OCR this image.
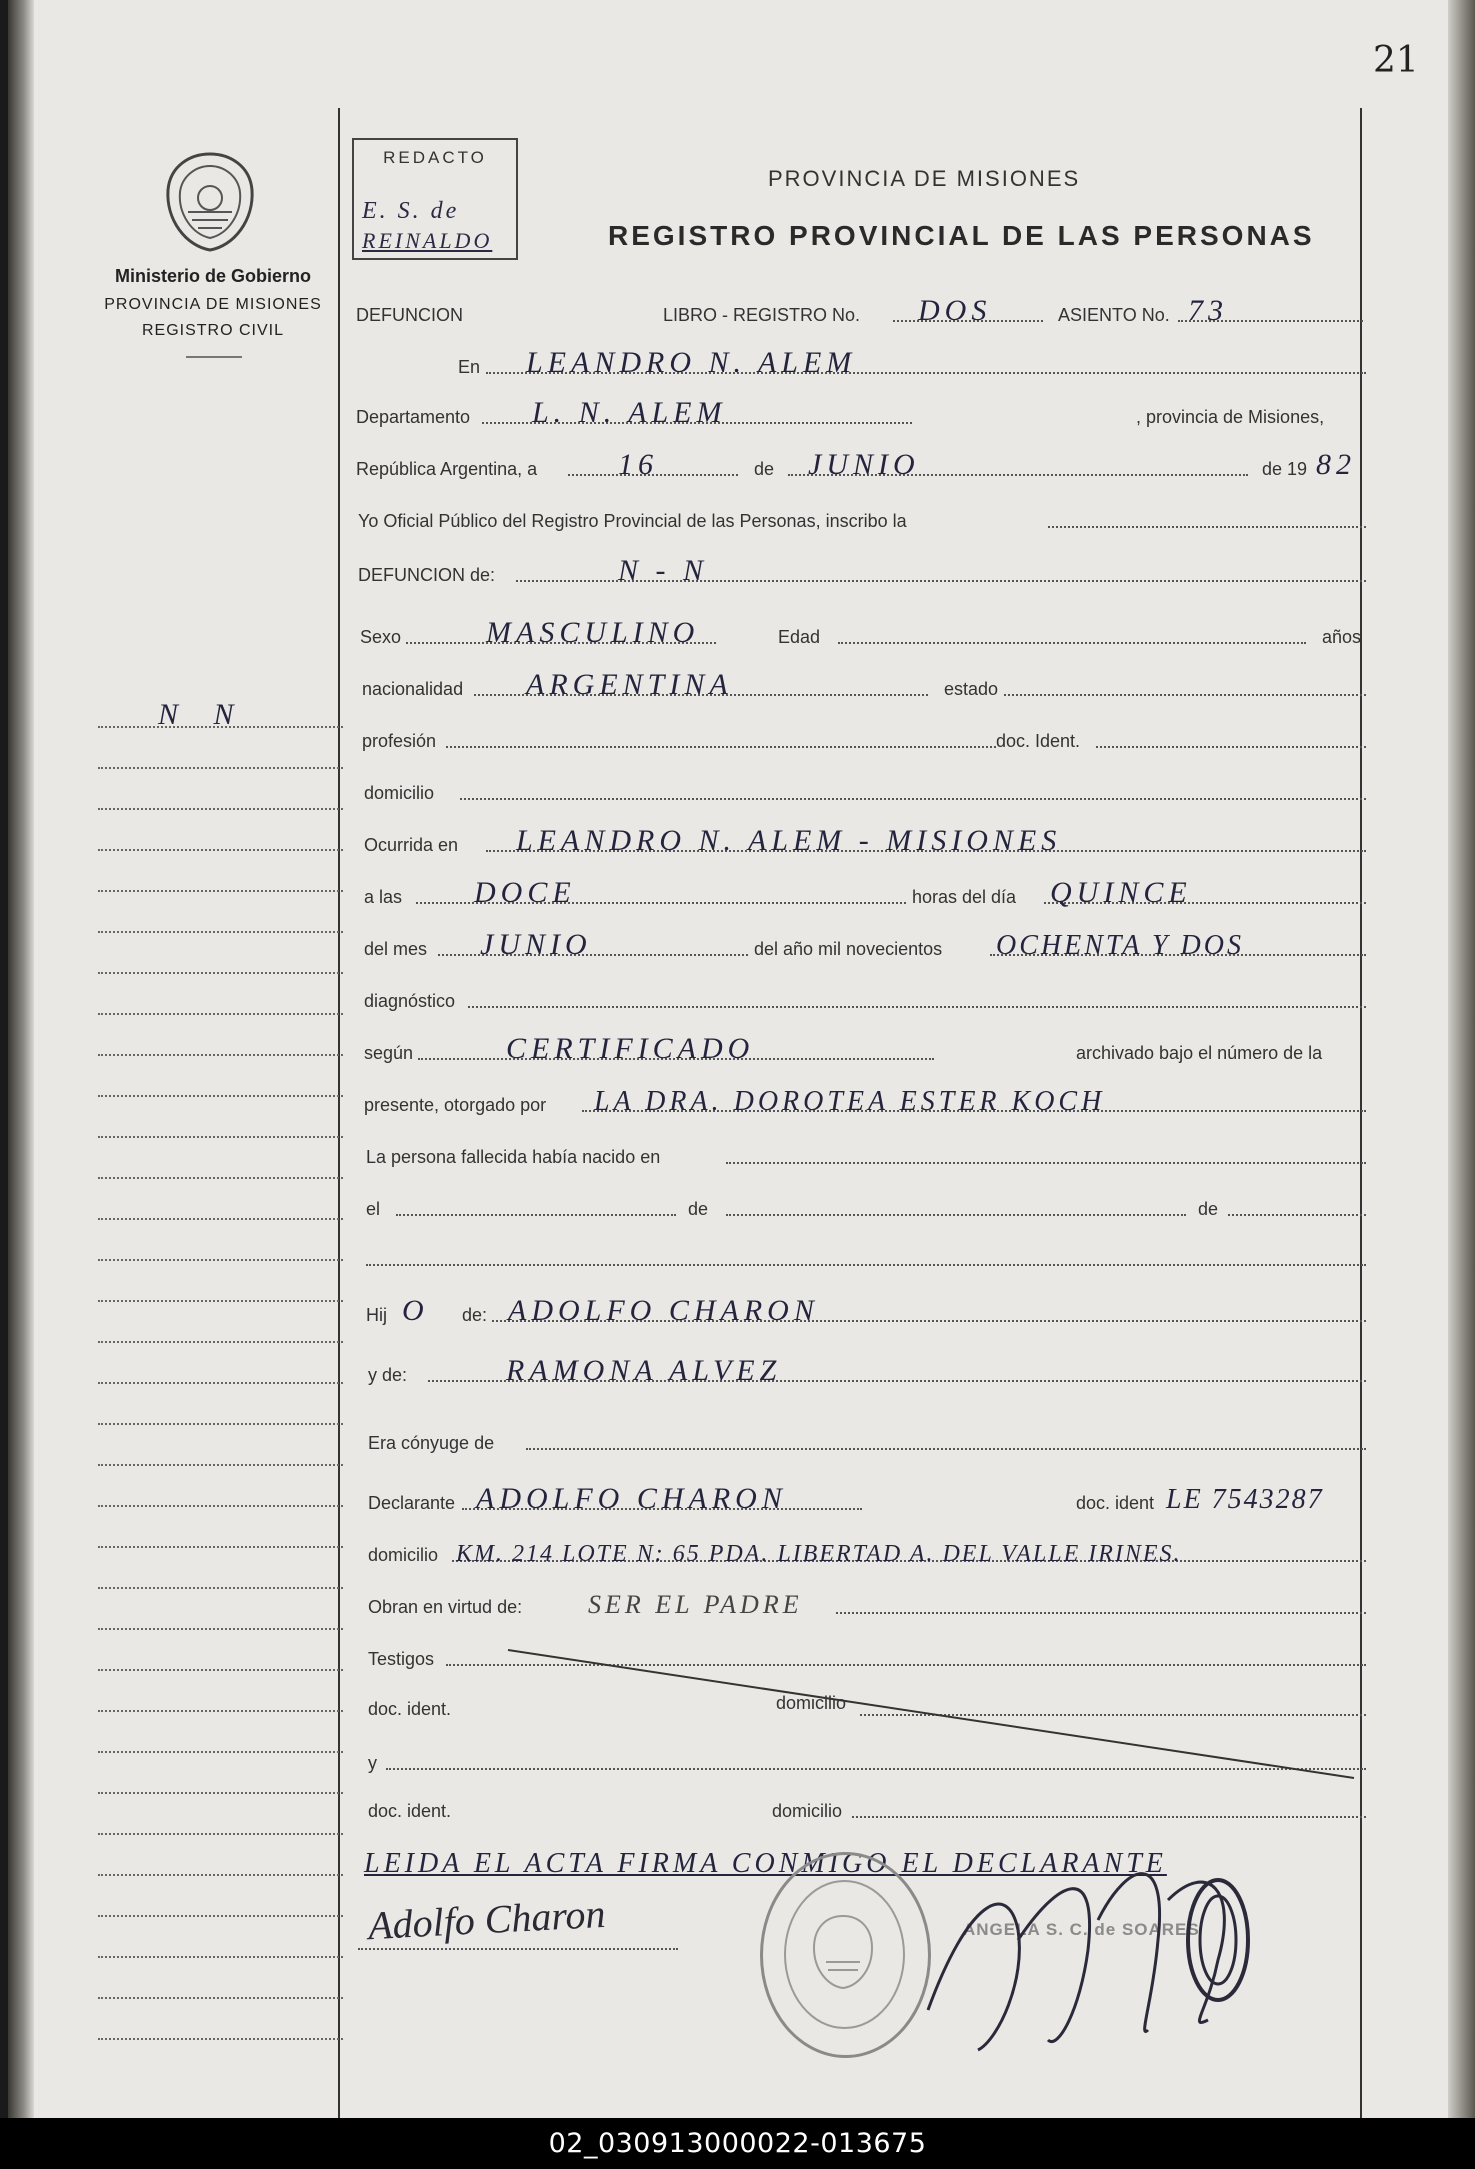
21
Ministerio de Gobierno
PROVINCIA DE MISIONES
REGISTRO CIVIL
REDACTO
E. S. de
REINALDO
PROVINCIA DE MISIONES
REGISTRO PROVINCIAL DE LAS PERSONAS
N N
DEFUNCION	LIBRO - REGISTRO No. DOS	ASIENTO No. 73
En LEANDRO N. ALEM
Departamento L. N. ALEM	, provincia de Misiones,
República Argentina, a	16	de JUNIO	de 19 82
Yo Oficial Público del Registro Provincial de las Personas, inscribo la
DEFUNCION de:	N - N
Sexo	MASCULINO	Edad	años
nacionalidad ARGENTINA	estado
profesión	doc. Ident.
domicilio
Ocurrida en LEANDRO N. ALEM - MISIONES
a las DOCE	horas del día QUINCE
del mes JUNIO	del año mil novecientos OCHENTA Y DOS
diagnóstico
según	CERTIFICADO	archivado bajo el número de la
presente, otorgado por LA DRA. DOROTEA ESTER KOCH
La persona fallecida había nacido en
el	de	de
Hij O de: ADOLFO CHARON
y de:	RAMONA ALVEZ
Era cónyuge de
Declarante ADOLFO CHARON	doc. ident LE 7543287
domicilio KM. 214 LOTE N: 65 PDA. LIBERTAD A. DEL VALLE IRINES.
Obran en virtud de:	SER EL PADRE
Testigos
doc. ident.	domicilio
y
doc. ident.	domicilio
LEIDA EL ACTA FIRMA CONMIGO EL DECLARANTE
Adolfo Charon	ANGELA S. C. de SOARES
02_030913000022-013675
